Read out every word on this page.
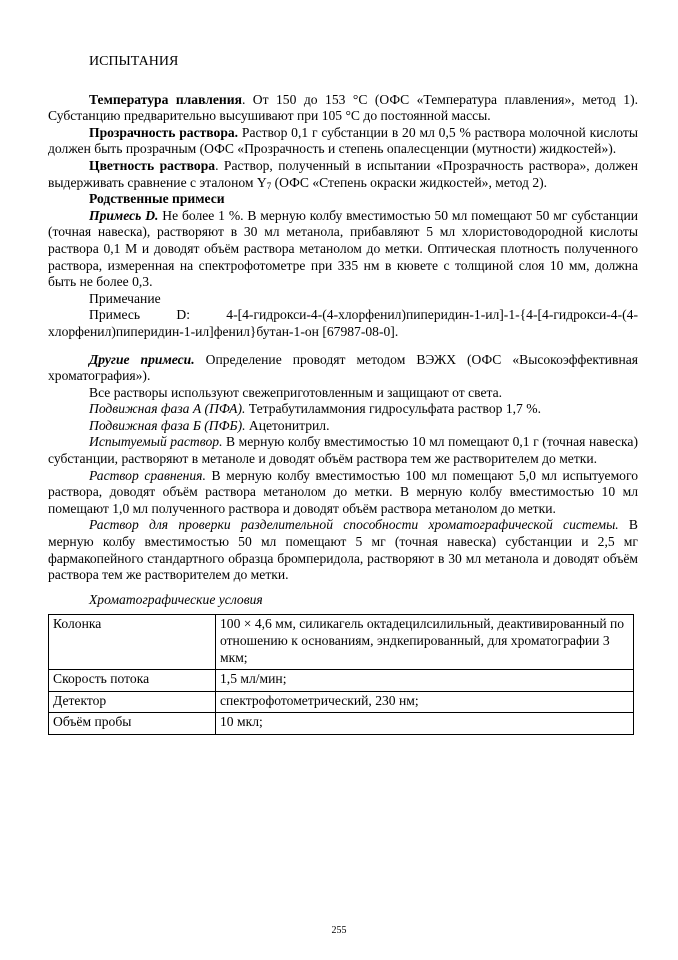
ИСПЫТАНИЯ

Температура плавления. От 150 до 153 °С (ОФС «Температура плавления», метод 1). Субстанцию предварительно высушивают при 105 °С до постоянной массы.

Прозрачность раствора. Раствор 0,1 г субстанции в 20 мл 0,5 % раствора молочной кислоты должен быть прозрачным (ОФС «Прозрачность и степень опалесценции (мутности) жидкостей»).

Цветность раствора. Раствор, полученный в испытании «Прозрачность раствора», должен выдерживать сравнение с эталоном $Y_7$ (ОФС «Степень окраски жидкостей», метод 2).

Родственные примеси

Примесь D. Не более 1 %. В мерную колбу вместимостью 50 мл помещают 50 мг субстанции (точная навеска), растворяют в 30 мл метанола, прибавляют 5 мл хлористоводородной кислоты раствора 0,1 М и доводят объём раствора метанолом до метки. Оптическая плотность полученного раствора, измеренная на спектрофотометре при 335 нм в кювете с толщиной слоя 10 мм, должна быть не более 0,3.

Примечание

Примесь D: 4-[4-гидрокси-4-(4-хлорфенил)пиперидин-1-ил]-1-{4-[4-гидрокси-4-(4-хлорфенил)пиперидин-1-ил]фенил}бутан-1-он [67987-08-0].

Другие примеси. Определение проводят методом ВЭЖХ (ОФС «Высокоэффективная хроматография»).

Все растворы используют свежеприготовленным и защищают от света.

Подвижная фаза А (ПФА). Тетрабутиламмония гидросульфата раствор 1,7 %.

Подвижная фаза Б (ПФБ). Ацетонитрил.

Испытуемый раствор. В мерную колбу вместимостью 10 мл помещают 0,1 г (точная навеска) субстанции, растворяют в метаноле и доводят объём раствора тем же растворителем до метки.

Раствор сравнения. В мерную колбу вместимостью 100 мл помещают 5,0 мл испытуемого раствора, доводят объём раствора метанолом до метки. В мерную колбу вместимостью 10 мл помещают 1,0 мл полученного раствора и доводят объём раствора метанолом до метки.

Раствор для проверки разделительной способности хроматографической системы. В мерную колбу вместимостью 50 мл помещают 5 мг (точная навеска) субстанции и 2,5 мг фармакопейного стандартного образца бромперидола, растворяют в 30 мл метанола и доводят объём раствора тем же растворителем до метки.

Хроматографические условия

Колонка	100 × 4,6 мм, силикагель октадецилсилильный, деактивированный по отношению к основаниям, эндкепированный, для хроматографии 3 мкм;
Скорость потока	1,5 мл/мин;
Детектор	спектрофотометрический, 230 нм;
Объём пробы	10 мкл;
255
